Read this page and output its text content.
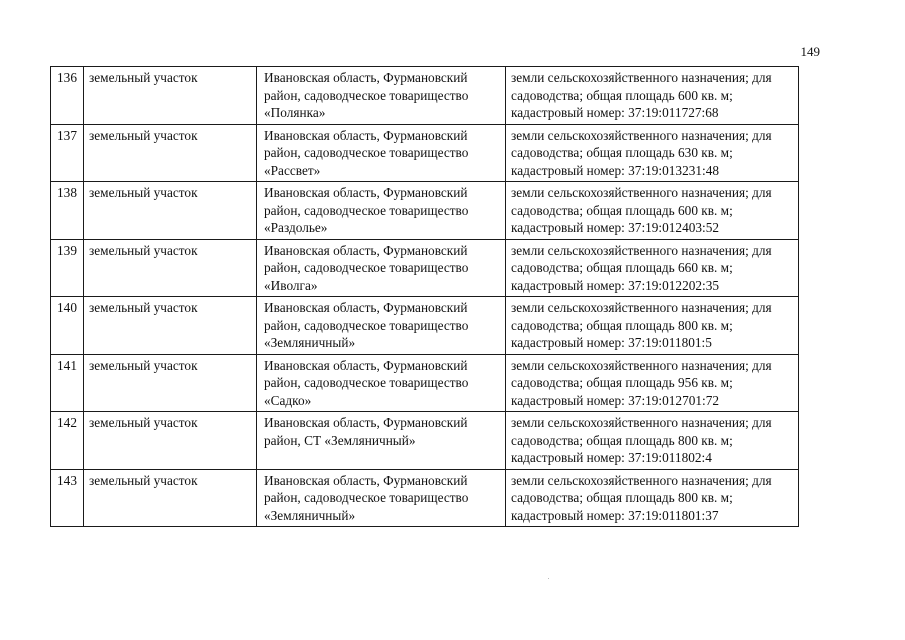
149
136	земельный участок	Ивановская область, Фурмановский район, садоводческое товарищество «Полянка»	земли сельскохозяйственного назначения; для садоводства; общая площадь 600 кв. м; кадастровый номер: 37:19:011727:68
137	земельный участок	Ивановская область, Фурмановский район, садоводческое товарищество «Рассвет»	земли сельскохозяйственного назначения; для садоводства; общая площадь 630 кв. м; кадастровый номер: 37:19:013231:48
138	земельный участок	Ивановская область, Фурмановский район, садоводческое товарищество «Раздолье»	земли сельскохозяйственного назначения; для садоводства; общая площадь 600 кв. м; кадастровый номер: 37:19:012403:52
139	земельный участок	Ивановская область, Фурмановский район, садоводческое товарищество «Иволга»	земли сельскохозяйственного назначения; для садоводства; общая площадь 660 кв. м; кадастровый номер: 37:19:012202:35
140	земельный участок	Ивановская область, Фурмановский район, садоводческое товарищество «Земляничный»	земли сельскохозяйственного назначения; для садоводства; общая площадь 800 кв. м; кадастровый номер: 37:19:011801:5
141	земельный участок	Ивановская область, Фурмановский район, садоводческое товарищество «Садко»	земли сельскохозяйственного назначения; для садоводства; общая площадь 956 кв. м; кадастровый номер: 37:19:012701:72
142	земельный участок	Ивановская область, Фурмановский район, СТ «Земляничный»	земли сельскохозяйственного назначения; для садоводства; общая площадь 800 кв. м; кадастровый номер: 37:19:011802:4
143	земельный участок	Ивановская область, Фурмановский район, садоводческое товарищество «Земляничный»	земли сельскохозяйственного назначения; для садоводства; общая площадь 800 кв. м; кадастровый номер: 37:19:011801:37
